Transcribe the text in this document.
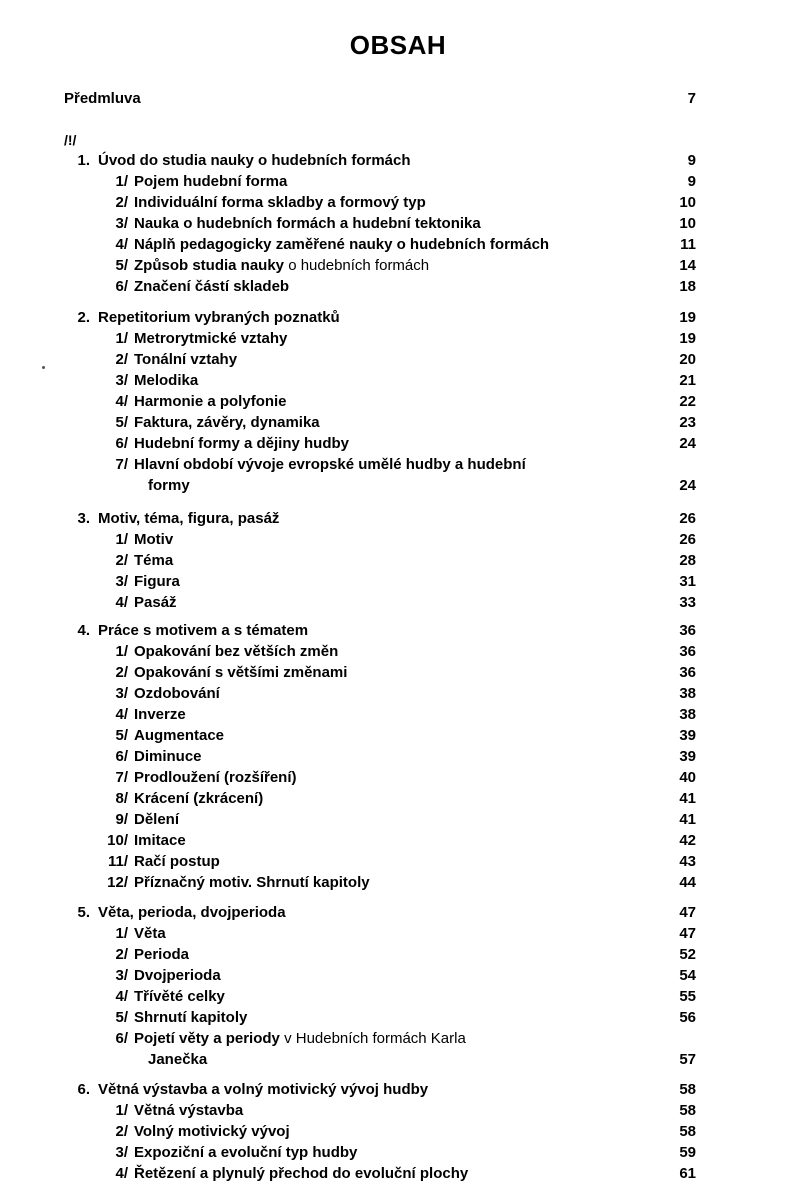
OBSAH
Předmluva	7
/!/
1. Úvod do studia nauky o hudebních formách	9
1/ Pojem hudební forma	9
2/ Individuální forma skladby a formový typ	10
3/ Nauka o hudebních formách a hudební tektonika	10
4/ Náplň pedagogicky zaměřené nauky o hudebních formách	11
5/ Způsob studia nauky o hudebních formách	14
6/ Značení částí skladeb	18
2. Repetitorium vybraných poznatků	19
1/ Metrorytmické vztahy	19
2/ Tonální vztahy	20
3/ Melodika	21
4/ Harmonie a polyfonie	22
5/ Faktura, závěry, dynamika	23
6/ Hudební formy a dějiny hudby	24
7/ Hlavní období vývoje evropské umělé hudby a hudební
formy	24
3. Motiv, téma, figura, pasáž	26
1/ Motiv	26
2/ Téma	28
3/ Figura	31
4/ Pasáž	33
4. Práce s motivem a s tématem	36
1/ Opakování bez větších změn	36
2/ Opakování s většími změnami	36
3/ Ozdobování	38
4/ Inverze	38
5/ Augmentace	39
6/ Diminuce	39
7/ Prodloužení (rozšíření)	40
8/ Krácení (zkrácení)	41
9/ Dělení	41
10/ Imitace	42
11/ Račí postup	43
12/ Příznačný motiv. Shrnutí kapitoly	44
5. Věta, perioda, dvojperioda	47
1/ Věta	47
2/ Perioda	52
3/ Dvojperioda	54
4/ Třívěté celky	55
5/ Shrnutí kapitoly	56
6/ Pojetí věty a periody v Hudebních formách Karla
Janečka	57
6. Větná výstavba a volný motivický vývoj hudby	58
1/ Větná výstavba	58
2/ Volný motivický vývoj	58
3/ Expoziční a evoluční typ hudby	59
4/ Řetězení a plynulý přechod do evoluční plochy	61
